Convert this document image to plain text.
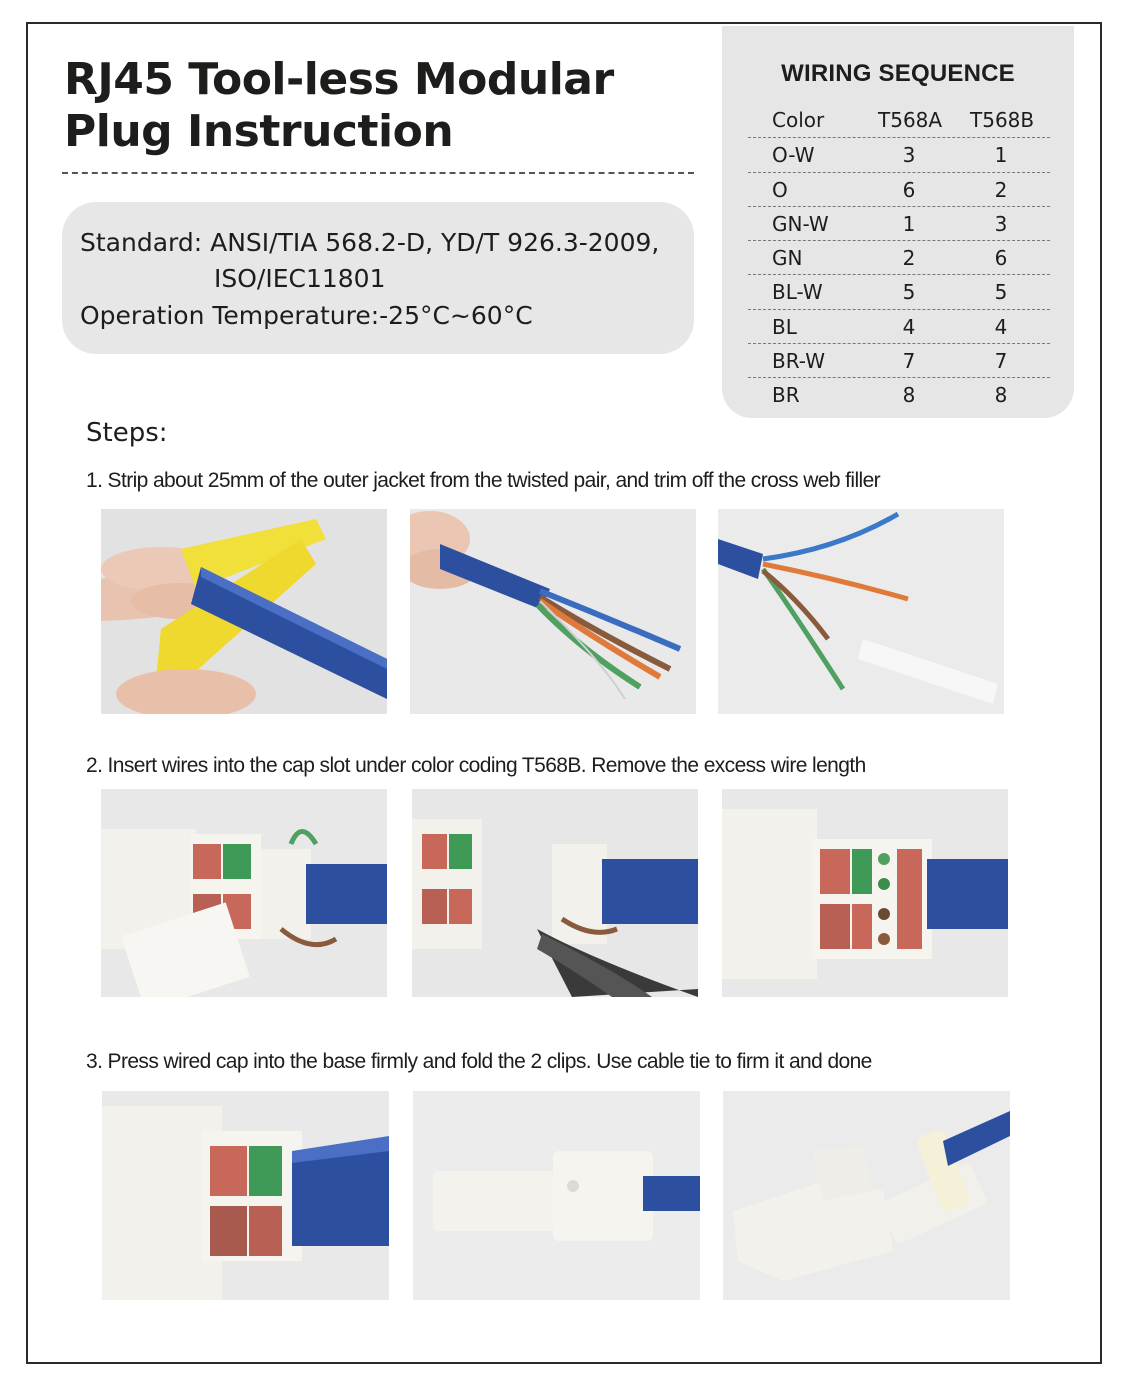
RJ45 Tool-less Modular
Plug Instruction
Standard: ANSI/TIA 568.2-D, YD/T 926.3-2009,
ISO/IEC11801
Operation Temperature:-25°C~60°C
WIRING SEQUENCE
Color	T568A T568B
O-W	3	1
O	6	2
GN-W	1	3
GN	2	6
BL-W	5	5
BL	4	4
BR-W	7	7
BR	8	8
Steps:
1. Strip about 25mm of the outer jacket from the twisted pair, and trim off the cross web filler
2. Insert wires into the cap slot under color coding T568B. Remove the excess wire length
3. Press wired cap into the base firmly and fold the 2 clips. Use cable tie to firm it and done
